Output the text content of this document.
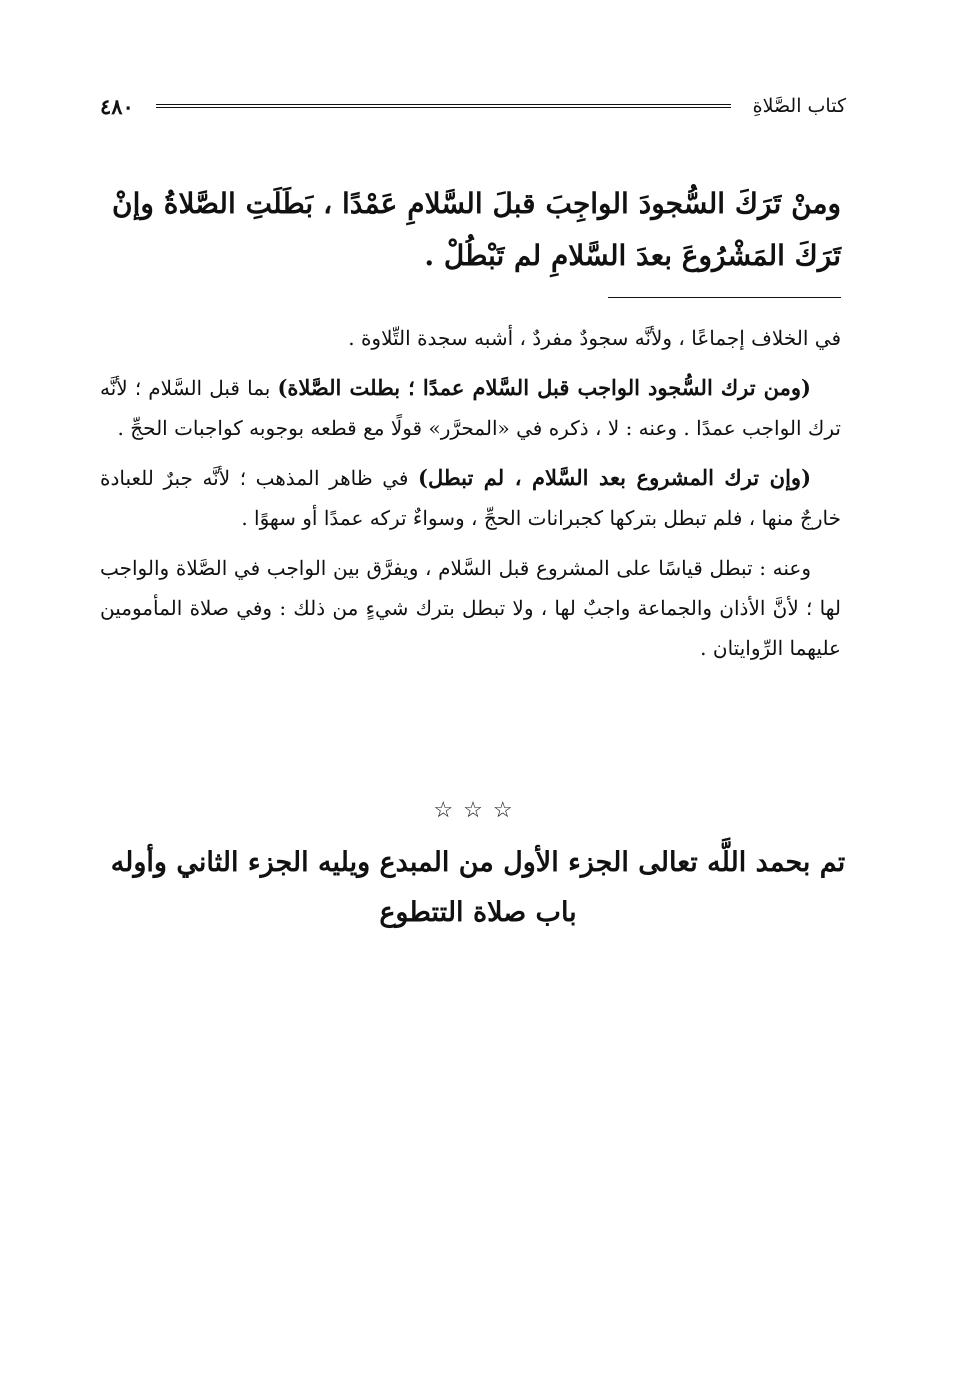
كتاب الصَّلاةِ
٤٨٠
ومنْ تَرَكَ السُّجودَ الواجِبَ قبلَ السَّلامِ عَمْدًا ، بَطَلَتِ الصَّلاةُ وإنْ تَرَكَ المَشْرُوعَ بعدَ السَّلامِ لم تَبْطُلْ .

في الخلاف إجماعًا ، ولأنَّه سجودٌ مفردٌ ، أشبه سجدة التِّلاوة .

(ومن ترك السُّجود الواجب قبل السَّلام عمدًا ؛ بطلت الصَّلاة) بما قبل السَّلام ؛ لأنَّه ترك الواجب عمدًا . وعنه : لا ، ذكره في «المحرَّر» قولًا مع قطعه بوجوبه كواجبات الحجِّ .

(وإن ترك المشروع بعد السَّلام ، لم تبطل) في ظاهر المذهب ؛ لأنَّه جبرٌ للعبادة خارجٌ منها ، فلم تبطل بتركها كجبرانات الحجِّ ، وسواءٌ تركه عمدًا أو سهوًا .

وعنه : تبطل قياسًا على المشروع قبل السَّلام ، ويفرَّق بين الواجب في الصَّلاة والواجب لها ؛ لأنَّ الأذان والجماعة واجبٌ لها ، ولا تبطل بترك شيءٍ من ذلك : وفي صلاة المأمومين عليهما الرِّوايتان .

☆☆☆
تم بحمد اللَّه تعالى الجزء الأول من المبدع ويليه الجزء الثاني وأوله
باب صلاة التتطوع
